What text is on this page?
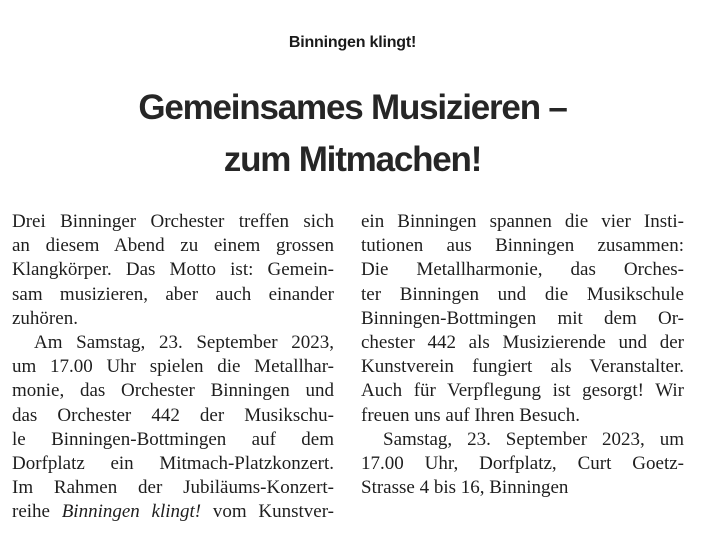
Binningen klingt!
Gemeinsames Musizieren –
zum Mitmachen!
Drei Binninger Orchester treffen sich
an diesem Abend zu einem grossen
Klangkörper. Das Motto ist: Gemein-
sam musizieren, aber auch einander
zuhören.
Am Samstag, 23. September 2023,
um 17.00 Uhr spielen die Metallhar-
monie, das Orchester Binningen und
das Orchester 442 der Musikschu-
le Binningen-Bottmingen auf dem
Dorfplatz ein Mitmach-Platzkonzert.
Im Rahmen der Jubiläums-Konzert-
reihe Binningen klingt! vom Kunstver-
ein Binningen spannen die vier Insti-
tutionen aus Binningen zusammen:
Die Metallharmonie, das Orches-
ter Binningen und die Musikschule
Binningen-Bottmingen mit dem Or-
chester 442 als Musizierende und der
Kunstverein fungiert als Veranstalter.
Auch für Verpflegung ist gesorgt! Wir
freuen uns auf Ihren Besuch.
Samstag, 23. September 2023, um
17.00 Uhr, Dorfplatz, Curt Goetz-
Strasse 4 bis 16, Binningen
